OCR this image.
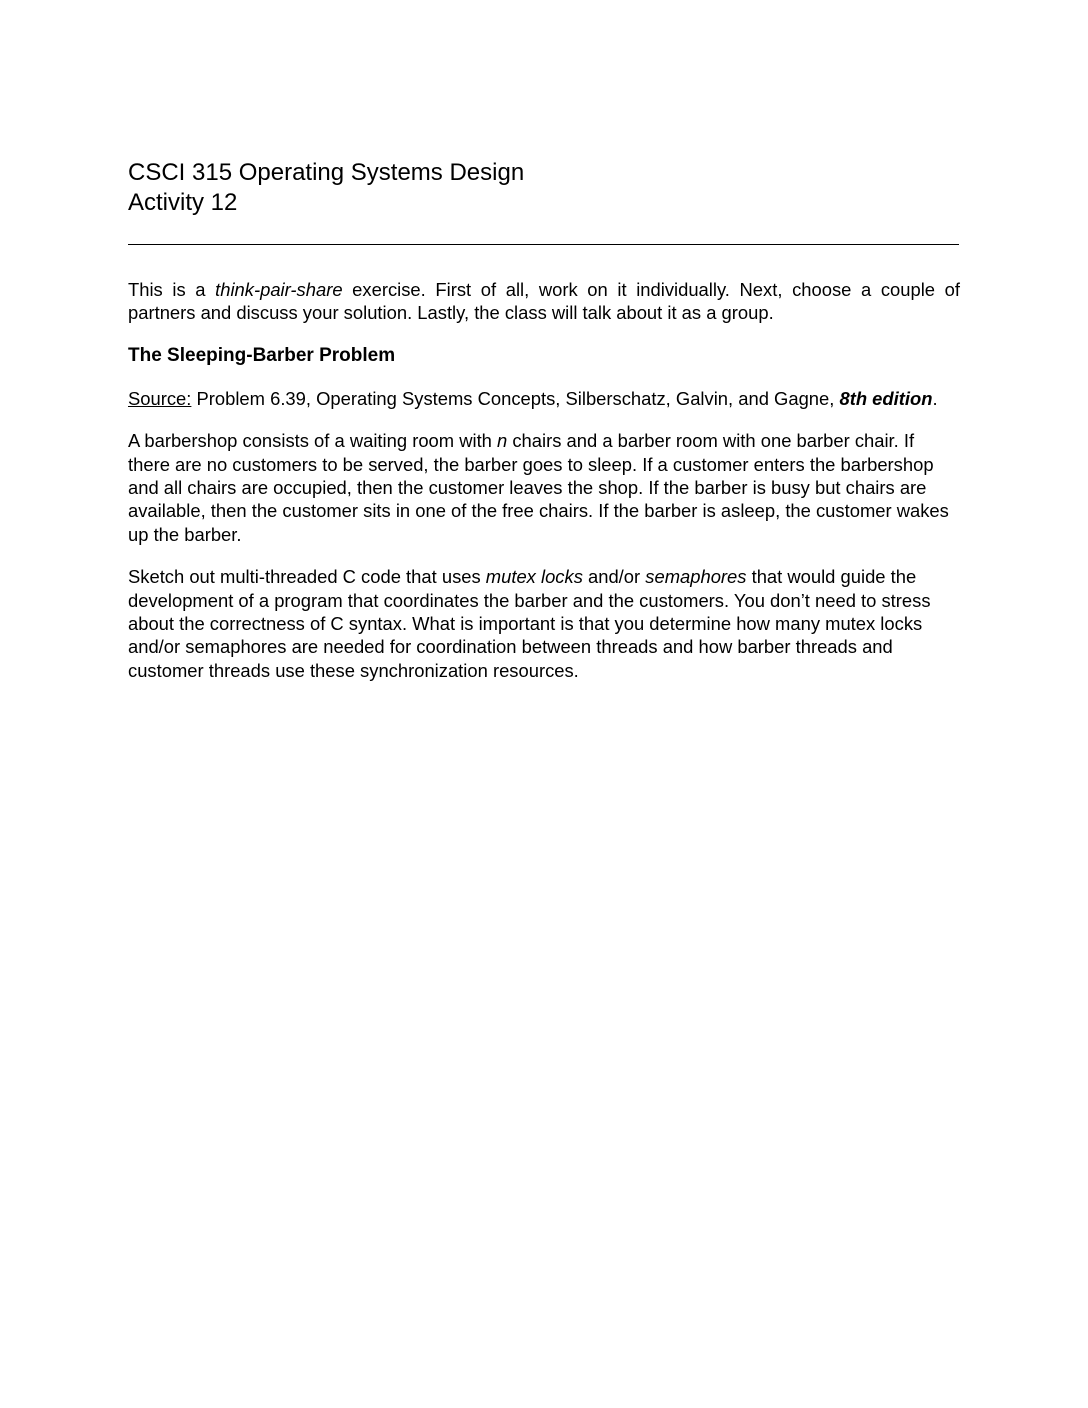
CSCI 315 Operating Systems Design
Activity 12

This is a think-pair-share exercise. First of all, work on it individually. Next, choose a couple of partners and discuss your solution. Lastly, the class will talk about it as a group.

The Sleeping-Barber Problem

Source: Problem 6.39, Operating Systems Concepts, Silberschatz, Galvin, and Gagne, 8th edition.

A barbershop consists of a waiting room with n chairs and a barber room with one barber chair. If there are no customers to be served, the barber goes to sleep. If a customer enters the barbershop and all chairs are occupied, then the customer leaves the shop. If the barber is busy but chairs are available, then the customer sits in one of the free chairs. If the barber is asleep, the customer wakes up the barber.

Sketch out multi-threaded C code that uses mutex locks and/or semaphores that would guide the development of a program that coordinates the barber and the customers. You don’t need to stress about the correctness of C syntax. What is important is that you determine how many mutex locks and/or semaphores are needed for coordination between threads and how barber threads and customer threads use these synchronization resources.
